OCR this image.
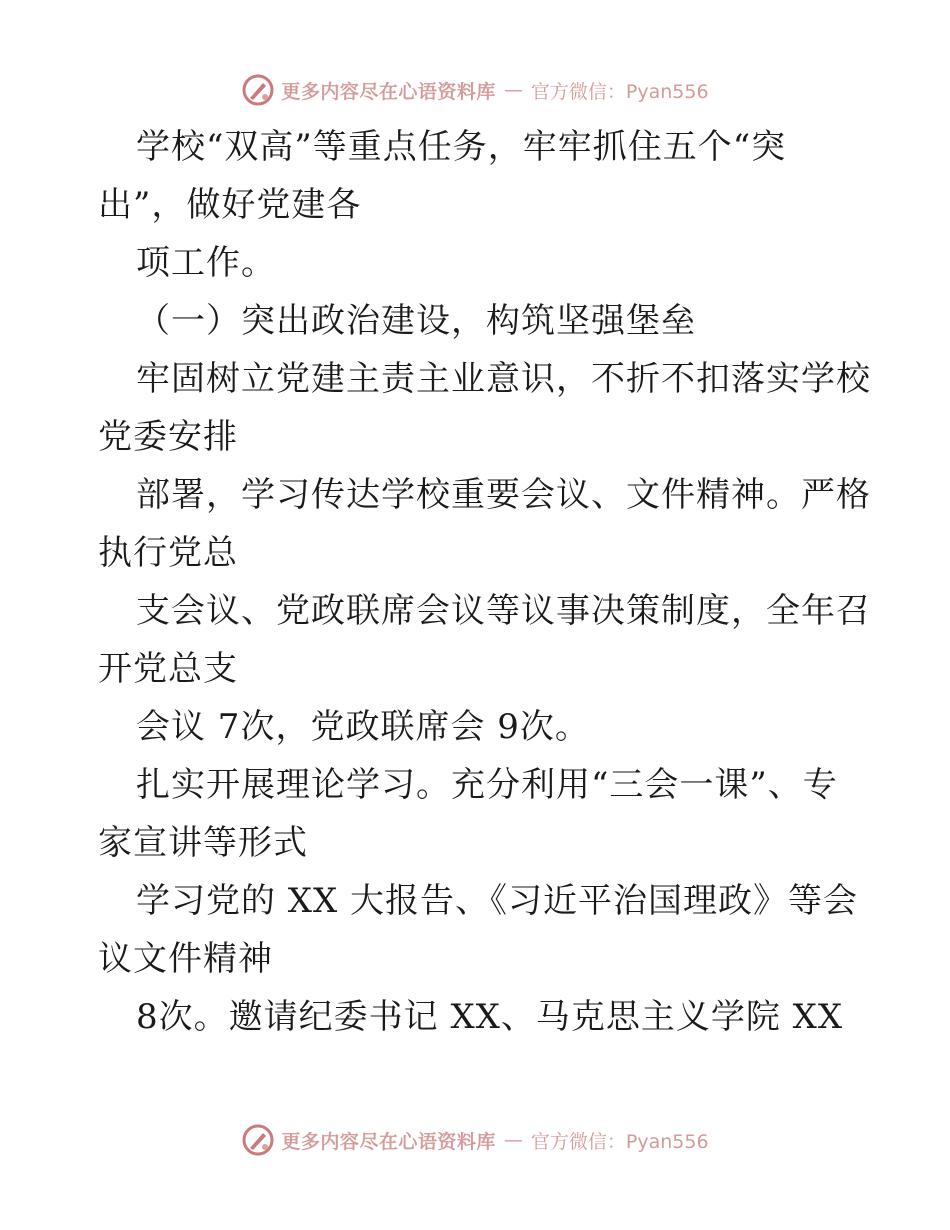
更多内容尽在心语资料库 — 官方微信：Pyan556
学校“双高”等重点任务，牢牢抓住五个“突
出”，做好党建各
项工作。
（一）突出政治建设，构筑坚强堡垒
牢固树立党建主责主业意识，不折不扣落实学校
党委安排
部署，学习传达学校重要会议、文件精神。严格
执行党总
支会议、党政联席会议等议事决策制度，全年召
开党总支
会议 7次，党政联席会 9次。
扎实开展理论学习。充分利用“三会一课”、专
家宣讲等形式
学习党的 XX 大报告、《习近平治国理政》等会
议文件精神
8次。邀请纪委书记 XX、马克思主义学院 XX
更多内容尽在心语资料库 — 官方微信：Pyan556
